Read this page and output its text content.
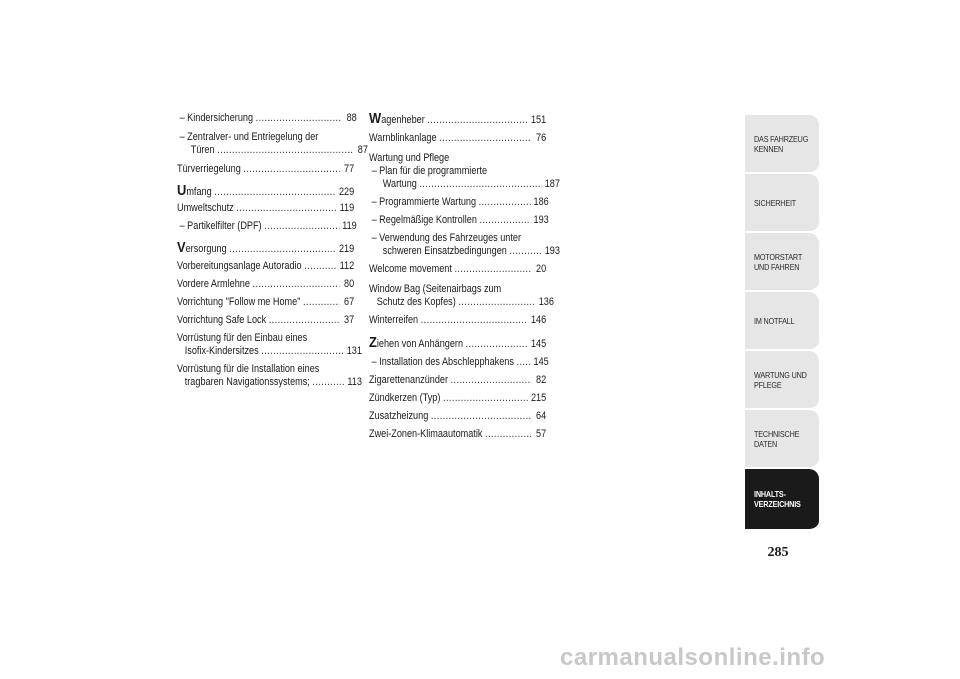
– Kindersicherung .....	88
– Zentralver- und Entriegelung der
Türen .....	87
Türverriegelung .....	77
Umfang .....	229
Umweltschutz .....	119
– Partikelfilter (DPF) .....	119
Versorgung .....	219
Vorbereitungsanlage Autoradio .....	112
Vordere Armlehne .....	80
Vorrichtung "Follow me Home" .....	67
Vorrichtung Safe Lock .....	37
Vorrüstung für den Einbau eines
Isofix-Kindersitzes .....	131
Vorrüstung für die Installation eines
tragbaren Navigationssystems; .....	113
Wagenheber .....	151
Warnblinkanlage .....	76
Wartung und Pflege
– Plan für die programmierte
Wartung .....	187
– Programmierte Wartung .....	186
– Regelmäßige Kontrollen .....	193
– Verwendung des Fahrzeuges unter
schweren Einsatzbedingungen .....	193
Welcome movement .....	20
Window Bag (Seitenairbags zum
Schutz des Kopfes) .....	136
Winterreifen .....	146
Ziehen von Anhängern .....	145
– Installation des Abschlepphakens ..... 145
Zigarettenanzünder .....	82
Zündkerzen (Typ) .....	215
Zusatzheizung .....	64
Zwei-Zonen-Klimaautomatik .....	57
DAS FAHRZEUG KENNEN
SICHERHEIT
MOTORSTART UND FAHREN
IM NOTFALL
WARTUNG UND PFLEGE
TECHNISCHE DATEN
INHALTS-VERZEICHNIS
285
carmanualsonline.info
